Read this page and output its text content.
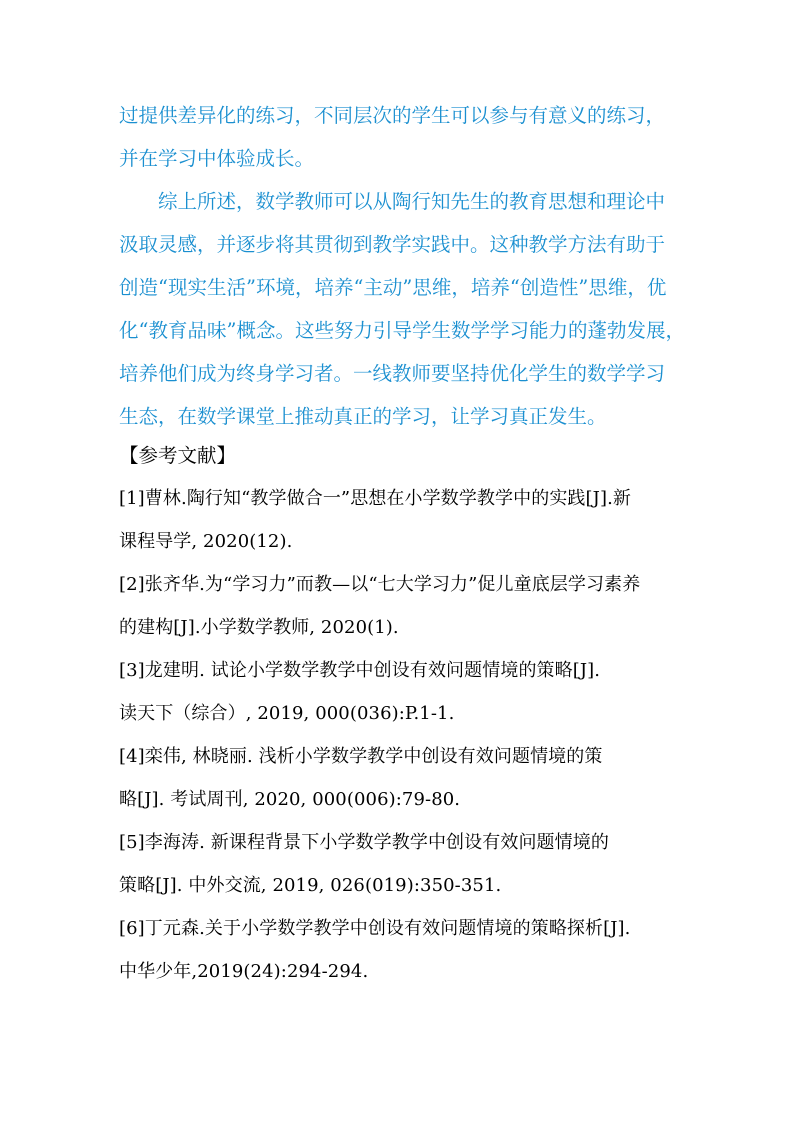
过提供差异化的练习，不同层次的学生可以参与有意义的练习，
并在学习中体验成长。
综上所述，数学教师可以从陶行知先生的教育思想和理论中
汲取灵感，并逐步将其贯彻到教学实践中。这种教学方法有助于
创造“现实生活”环境，培养“主动”思维，培养“创造性”思维，优
化“教育品味”概念。这些努力引导学生数学学习能力的蓬勃发展，
培养他们成为终身学习者。一线教师要坚持优化学生的数学学习
生态，在数学课堂上推动真正的学习，让学习真正发生。
【参考文献】
[1]曹林.陶行知“教学做合一”思想在小学数学教学中的实践[J].新
课程导学, 2020(12).
[2]张齐华.为“学习力”而教—以“七大学习力”促儿童底层学习素养
的建构[J].小学数学教师, 2020(1).
[3]龙建明. 试论小学数学教学中创设有效问题情境的策略[J].
读天下（综合）, 2019, 000(036):P.1-1.
[4]栾伟, 林晓丽. 浅析小学数学教学中创设有效问题情境的策
略[J]. 考试周刊, 2020, 000(006):79-80.
[5]李海涛. 新课程背景下小学数学教学中创设有效问题情境的
策略[J]. 中外交流, 2019, 026(019):350-351.
[6]丁元森.关于小学数学教学中创设有效问题情境的策略探析[J].
中华少年,2019(24):294-294.
